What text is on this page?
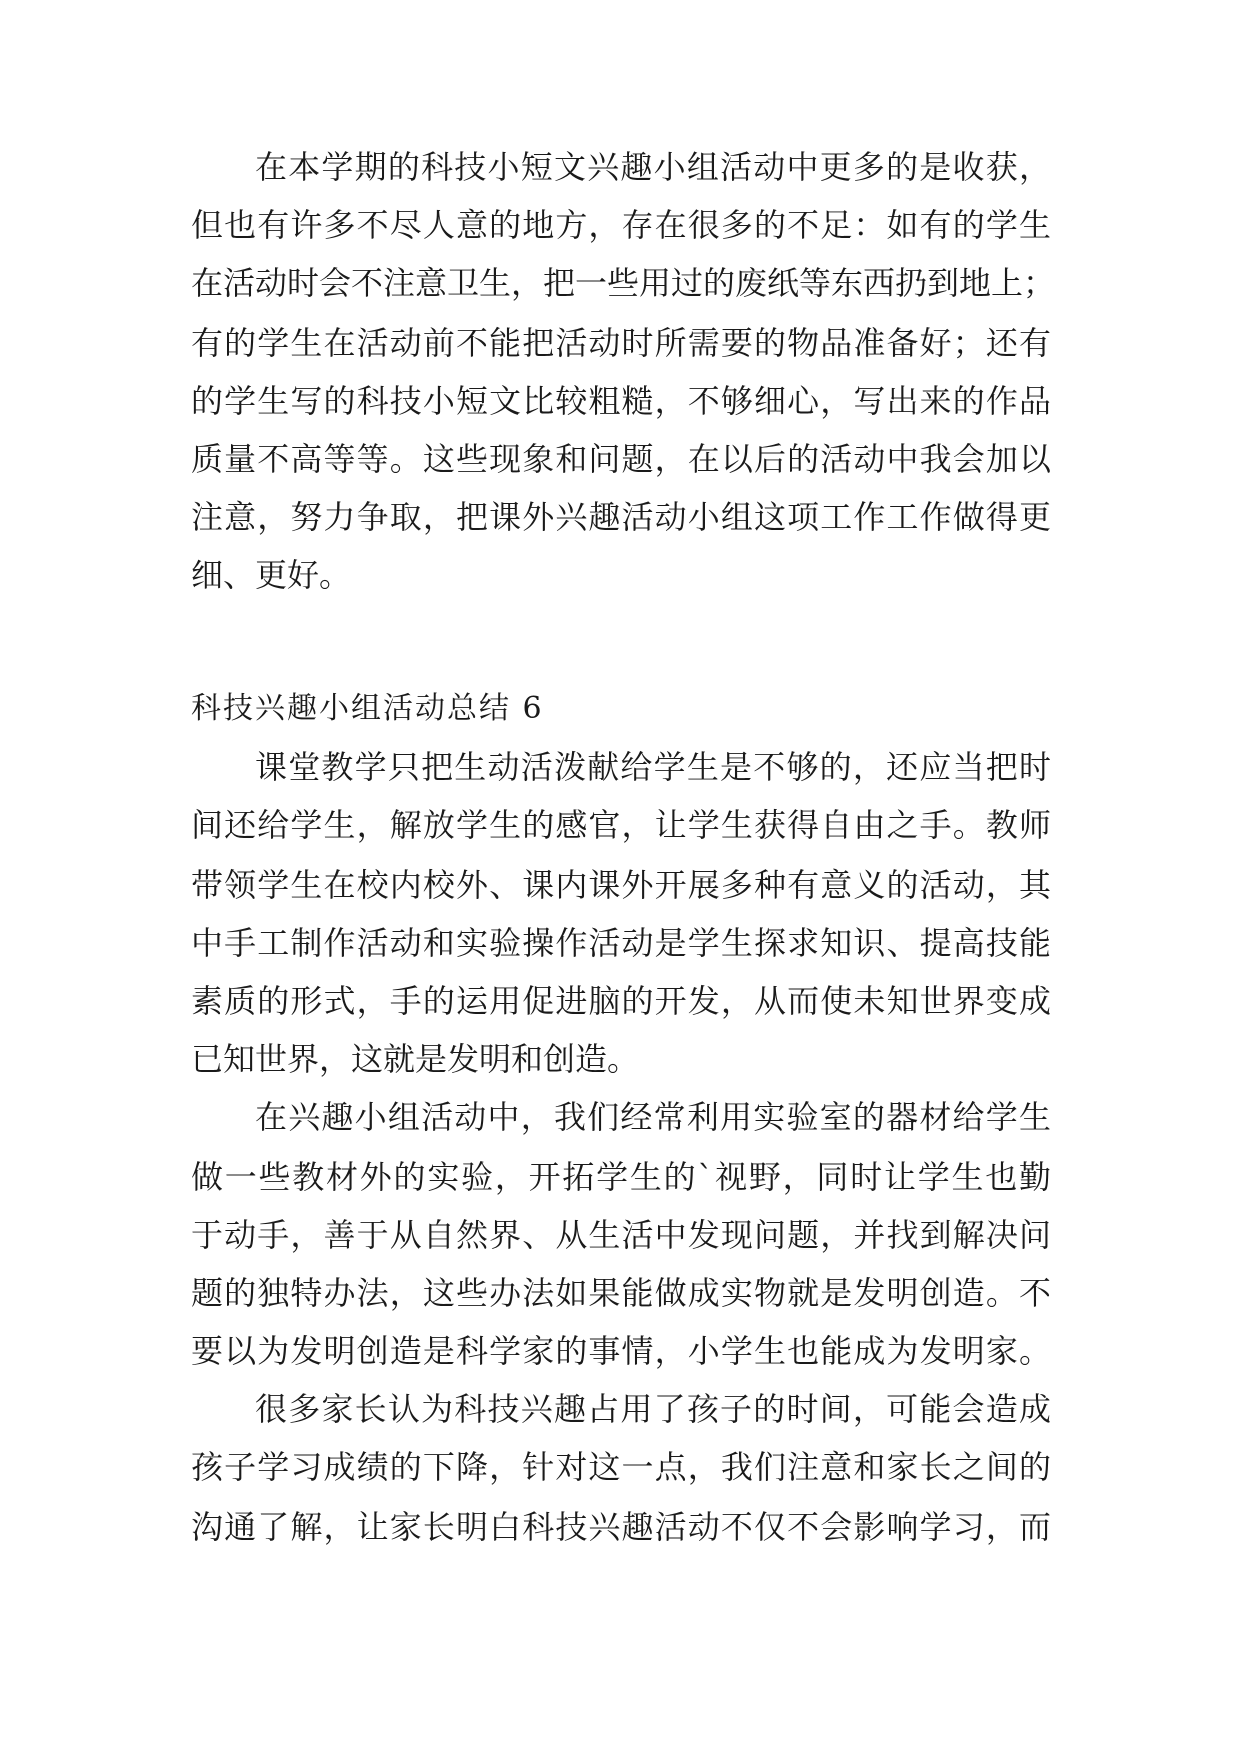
在本学期的科技小短文兴趣小组活动中更多的是收获，
但也有许多不尽人意的地方，存在很多的不足：如有的学生
在活动时会不注意卫生，把一些用过的废纸等东西扔到地上；
有的学生在活动前不能把活动时所需要的物品准备好；还有
的学生写的科技小短文比较粗糙，不够细心，写出来的作品
质量不高等等。这些现象和问题，在以后的活动中我会加以
注意，努力争取，把课外兴趣活动小组这项工作工作做得更
细、更好。
科技兴趣小组活动总结 6
课堂教学只把生动活泼献给学生是不够的，还应当把时
间还给学生，解放学生的感官，让学生获得自由之手。教师
带领学生在校内校外、课内课外开展多种有意义的活动，其
中手工制作活动和实验操作活动是学生探求知识、提高技能
素质的形式，手的运用促进脑的开发，从而使未知世界变成
已知世界，这就是发明和创造。
在兴趣小组活动中，我们经常利用实验室的器材给学生
做一些教材外的实验，开拓学生的`视野，同时让学生也勤
于动手，善于从自然界、从生活中发现问题，并找到解决问
题的独特办法，这些办法如果能做成实物就是发明创造。不
要以为发明创造是科学家的事情，小学生也能成为发明家。
很多家长认为科技兴趣占用了孩子的时间，可能会造成
孩子学习成绩的下降，针对这一点，我们注意和家长之间的
沟通了解，让家长明白科技兴趣活动不仅不会影响学习，而
